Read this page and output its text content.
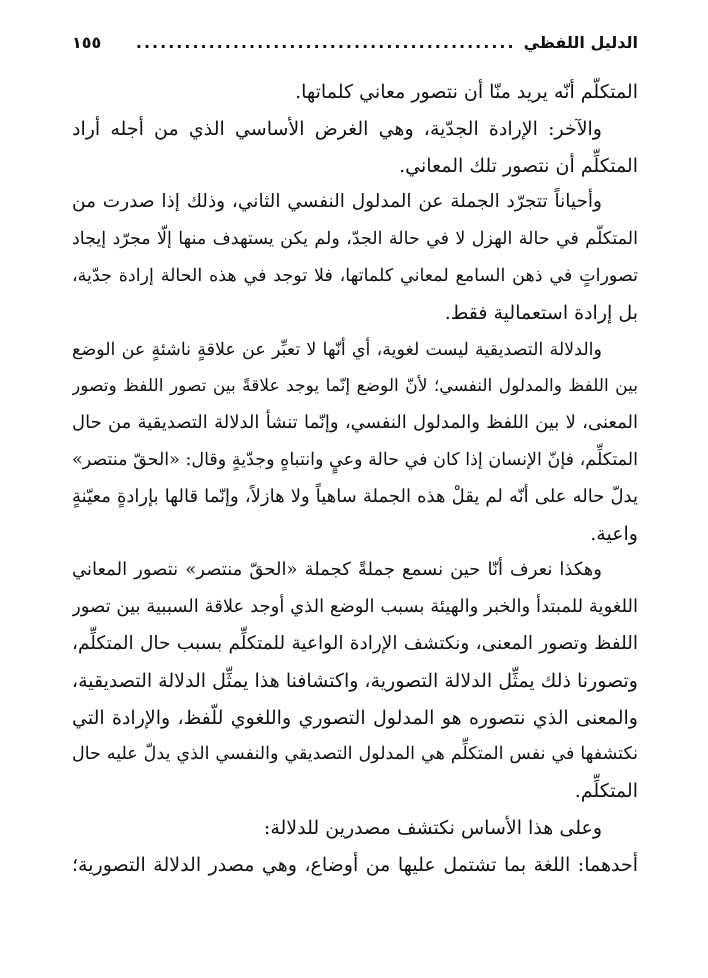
الدليل اللفظي
...............................................
١٥٥
المتكلّم أنّه يريد منّا أن نتصور معاني كلماتها.
والآخر: الإرادة الجدّية، وهي الغرض الأساسي الذي من أجله أراد
المتكلِّم أن نتصور تلك المعاني.
وأحياناً تتجرّد الجملة عن المدلول النفسي الثاني، وذلك إذا صدرت من
المتكلّم في حالة الهزل لا في حالة الجدّ، ولم يكن يستهدف منها إلّا مجرّد إيجاد
تصوراتٍ في ذهن السامع لمعاني كلماتها، فلا توجد في هذه الحالة إرادة جدّية،
بل إرادة استعمالية فقط.
والدلالة التصديقية ليست لغوية، أي أنّها لا تعبِّر عن علاقةٍ ناشئةٍ عن الوضع
بين اللفظ والمدلول النفسي؛ لأنّ الوضع إنّما يوجد علاقةً بين تصور اللفظ وتصور
المعنى، لا بين اللفظ والمدلول النفسي، وإنّما تنشأ الدلالة التصديقية من حال
المتكلِّم، فإنّ الإنسان إذا كان في حالة وعيٍ وانتباهٍ وجدّيةٍ وقال: «الحقّ منتصر»
يدلّ حاله على أنّه لم يقلْ هذه الجملة ساهياً ولا هازلاً، وإنّما قالها بإرادةٍ معيّنةٍ
واعية.
وهكذا نعرف أنّا حين نسمع جملةً كجملة «الحقّ منتصر» نتصور المعاني
اللغوية للمبتدأ والخبر والهيئة بسبب الوضع الذي أوجد علاقة السببية بين تصور
اللفظ وتصور المعنى، ونكتشف الإرادة الواعية للمتكلِّم بسبب حال المتكلِّم،
وتصورنا ذلك يمثِّل الدلالة التصورية، واكتشافنا هذا يمثِّل الدلالة التصديقية،
والمعنى الذي نتصوره هو المدلول التصوري واللغوي للّفظ، والإرادة التي
نكتشفها في نفس المتكلِّم هي المدلول التصديقي والنفسي الذي يدلّ عليه حال
المتكلِّم.
وعلى هذا الأساس نكتشف مصدرين للدلالة:
أحدهما: اللغة بما تشتمل عليها من أوضاع، وهي مصدر الدلالة التصورية؛
